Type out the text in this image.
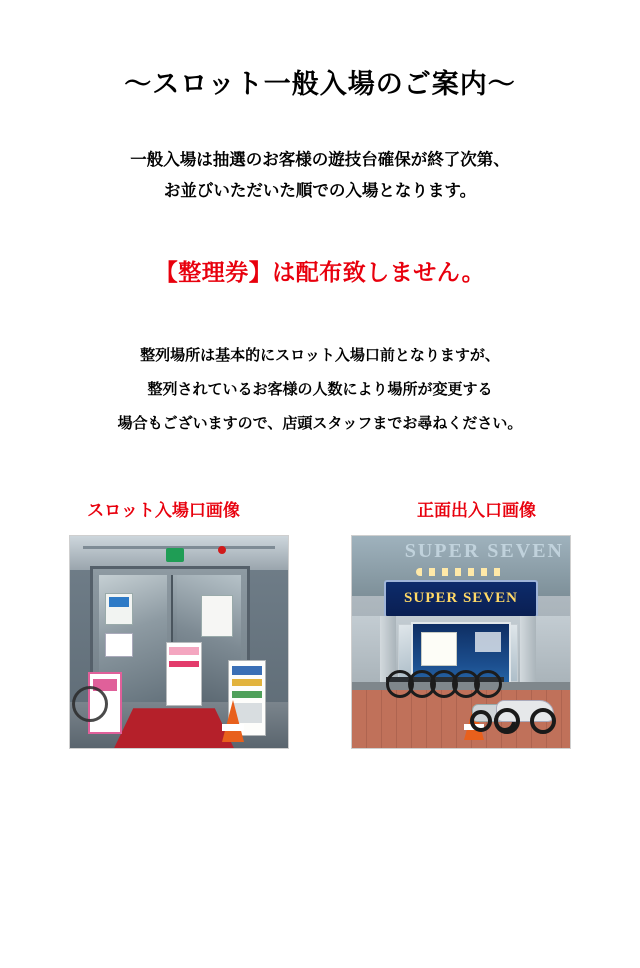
～スロット一般入場のご案内～
一般入場は抽選のお客様の遊技台確保が終了次第、
お並びいただいた順での入場となります。
【整理券】は配布致しません。
整列場所は基本的にスロット入場口前となりますが、
整列されているお客様の人数により場所が変更する
場合もございますので、店頭スタッフまでお尋ねください。
スロット入場口画像	正面出入口画像
SUPER SEVEN
SUPER SEVEN
